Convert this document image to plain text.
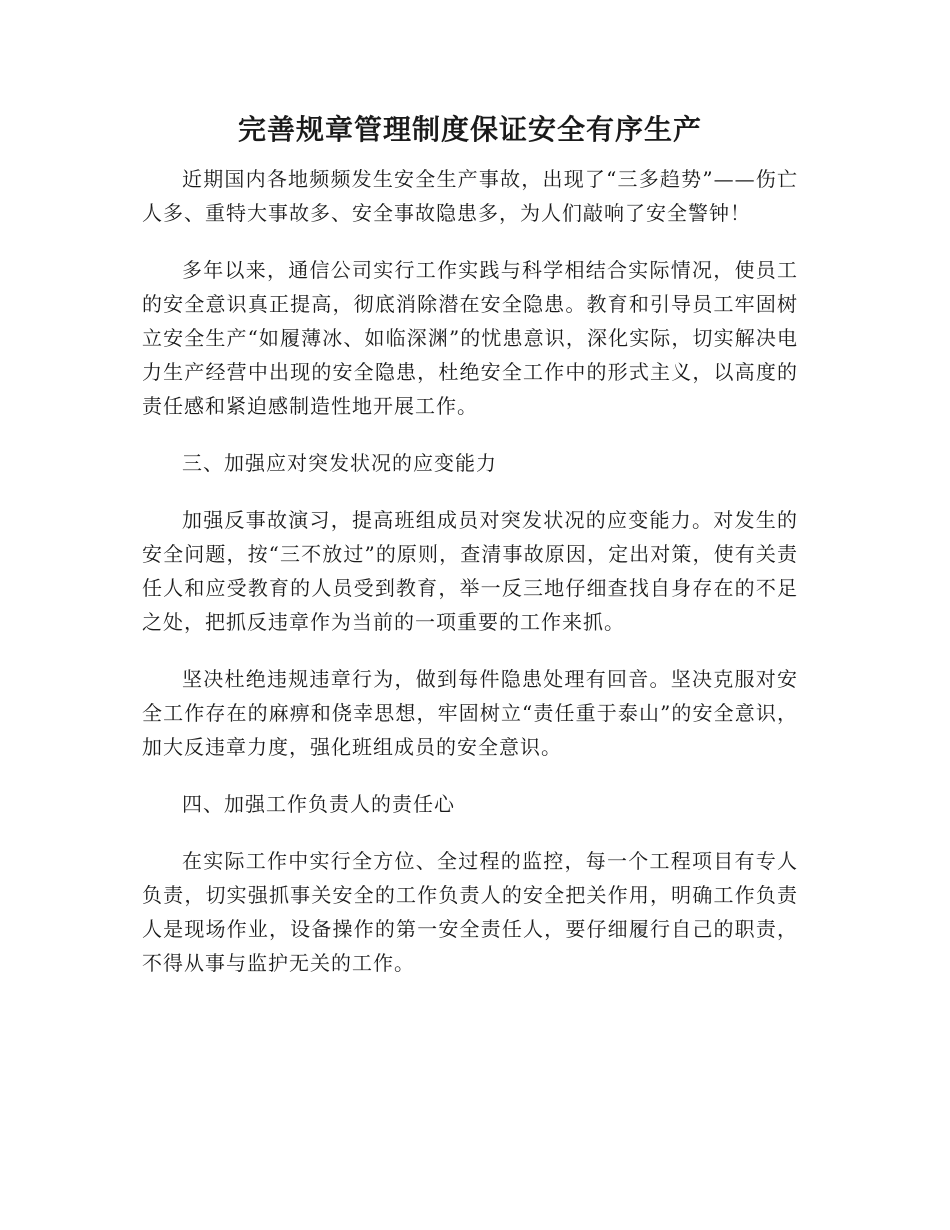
完善规章管理制度保证安全有序生产

近期国内各地频频发生安全生产事故，出现了“三多趋势”——伤亡人多、重特大事故多、安全事故隐患多，为人们敲响了安全警钟！

多年以来，通信公司实行工作实践与科学相结合实际情况，使员工的安全意识真正提高，彻底消除潜在安全隐患。教育和引导员工牢固树立安全生产“如履薄冰、如临深渊”的忧患意识，深化实际，切实解决电力生产经营中出现的安全隐患，杜绝安全工作中的形式主义，以高度的责任感和紧迫感制造性地开展工作。

三、加强应对突发状况的应变能力

加强反事故演习，提高班组成员对突发状况的应变能力。对发生的安全问题，按“三不放过”的原则，查清事故原因，定出对策，使有关责任人和应受教育的人员受到教育，举一反三地仔细查找自身存在的不足之处，把抓反违章作为当前的一项重要的工作来抓。

坚决杜绝违规违章行为，做到每件隐患处理有回音。坚决克服对安全工作存在的麻痹和侥幸思想，牢固树立“责任重于泰山”的安全意识，加大反违章力度，强化班组成员的安全意识。

四、加强工作负责人的责任心

在实际工作中实行全方位、全过程的监控，每一个工程项目有专人负责，切实强抓事关安全的工作负责人的安全把关作用，明确工作负责人是现场作业，设备操作的第一安全责任人，要仔细履行自己的职责，不得从事与监护无关的工作。
